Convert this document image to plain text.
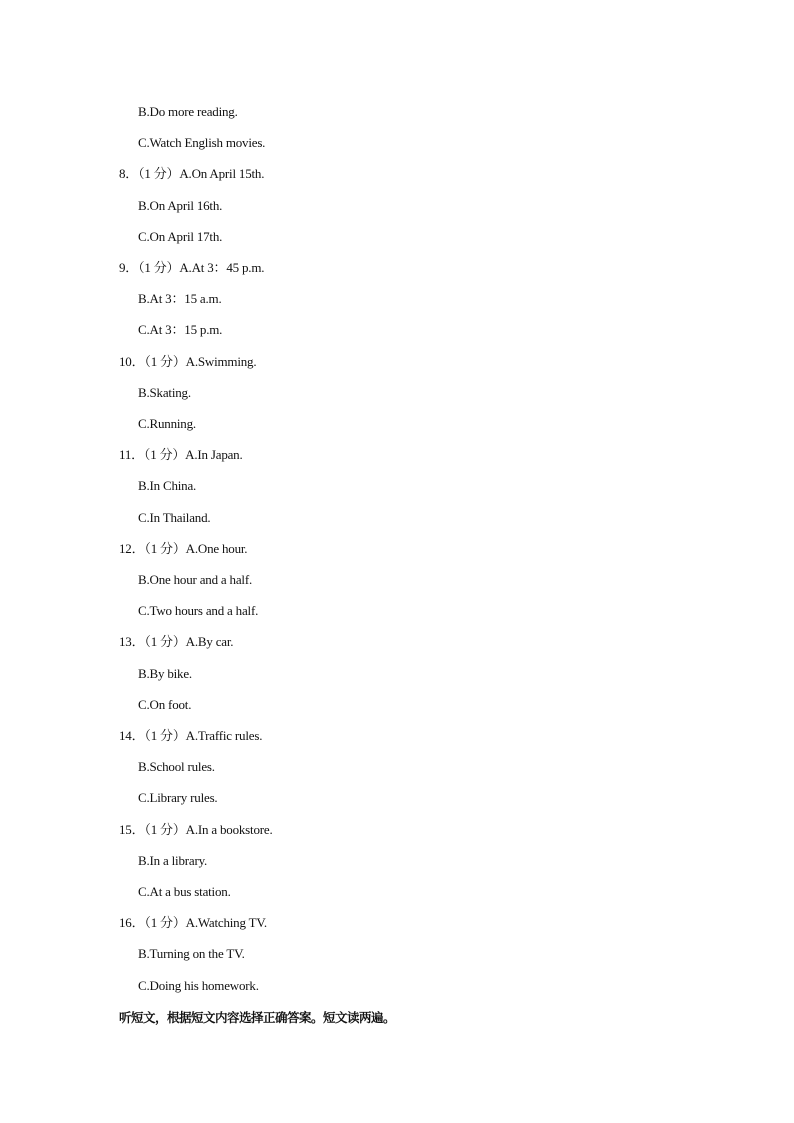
B.Do more reading.
C.Watch English movies.
8．（1 分）A.On April 15th.
B.On April 16th.
C.On April 17th.
9．（1 分）A.At 3：45 p.m.
B.At 3：15 a.m.
C.At 3：15 p.m.
10．（1 分）A.Swimming.
B.Skating.
C.Running.
11．（1 分）A.In Japan.
B.In China.
C.In Thailand.
12．（1 分）A.One hour.
B.One hour and a half.
C.Two hours and a half.
13．（1 分）A.By car.
B.By bike.
C.On foot.
14．（1 分）A.Traffic rules.
B.School rules.
C.Library rules.
15．（1 分）A.In a bookstore.
B.In a library.
C.At a bus station.
16．（1 分）A.Watching TV.
B.Turning on the TV.
C.Doing his homework.
听短文，根据短文内容选择正确答案。短文读两遍。
